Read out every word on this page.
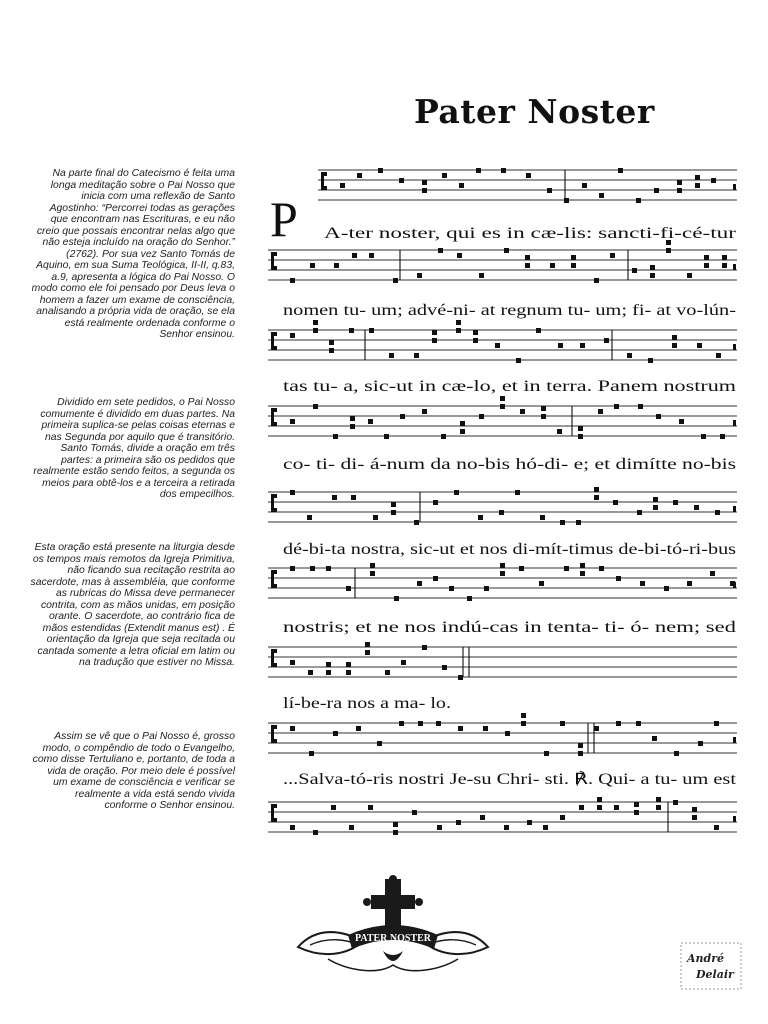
Pater Noster

Na parte final do Catecismo é feita uma longa meditação sobre o Pai Nosso que inicia com uma reflexão de Santo Agostinho: “Percorrei todas as gerações que encontram nas Escrituras, e eu não creio que possais encontrar nelas algo que não esteja incluído na oração do Senhor.” (2762). Por sua vez Santo Tomás de Aquino, em sua Suma Teológica, II-II, q.83, a.9, apresenta a lógica do Pai Nosso. O modo como ele foi pensado por Deus leva o homem a fazer um exame de consciência, analisando a própria vida de oração, se ela está realmente ordenada conforme o Senhor ensinou.

Dividido em sete pedidos, o Pai Nosso comumente é dividido em duas partes. Na primeira suplica-se pelas coisas eternas e nas Segunda por aquilo que é transitório. Santo Tomás, divide a oração em três partes: a primeira são os pedidos que realmente estão sendo feitos, a segunda os meios para obtê-los e a terceira a retirada dos empecilhos.

Esta oração está presente na liturgia desde os tempos mais remotos da Igreja Primitiva, não ficando sua recitação restrita ao sacerdote, mas à assembléia, que conforme as rubricas do Missa deve permanecer contrita, com as mãos unidas, em posição orante. O sacerdote, ao contrário fica de mãos estendidas (Extendit manus est) . É orientação da Igreja que seja recitada ou cantada somente a letra oficial em latim ou na tradução que estiver no Missa.

Assim se vê que o Pai Nosso é, grosso modo, o compêndio de todo o Evangelho, como disse Tertuliano e, portanto, de toda a vida de oração. Por meio dele é possível um exame de consciência e verificar se realmente a vida está sendo vivida conforme o Senhor ensinou.

P A-ter noster, qui es in cæ-lis: sancti-fi-cé-tur
nomen tu- um; advé-ni- at regnum tu- um; fi- at vo-lún-
tas tu- a, sic-ut in cæ-lo, et in terra. Panem nostrum
co- ti- di- á-num da no-bis hó-di- e; et dimítte no-bis
dé-bi-ta nostra, sic-ut et nos di-mít-timus de-bi-tó-ri-bus
nostris; et ne nos indú-cas in tenta- ti- ó- nem; sed
lí-be-ra nos a ma- lo.
...Salva-tó-ris nostri Je-su Chri- sti. ℟. Qui- a tu- um est
PATER NOSTER
André
Delair
